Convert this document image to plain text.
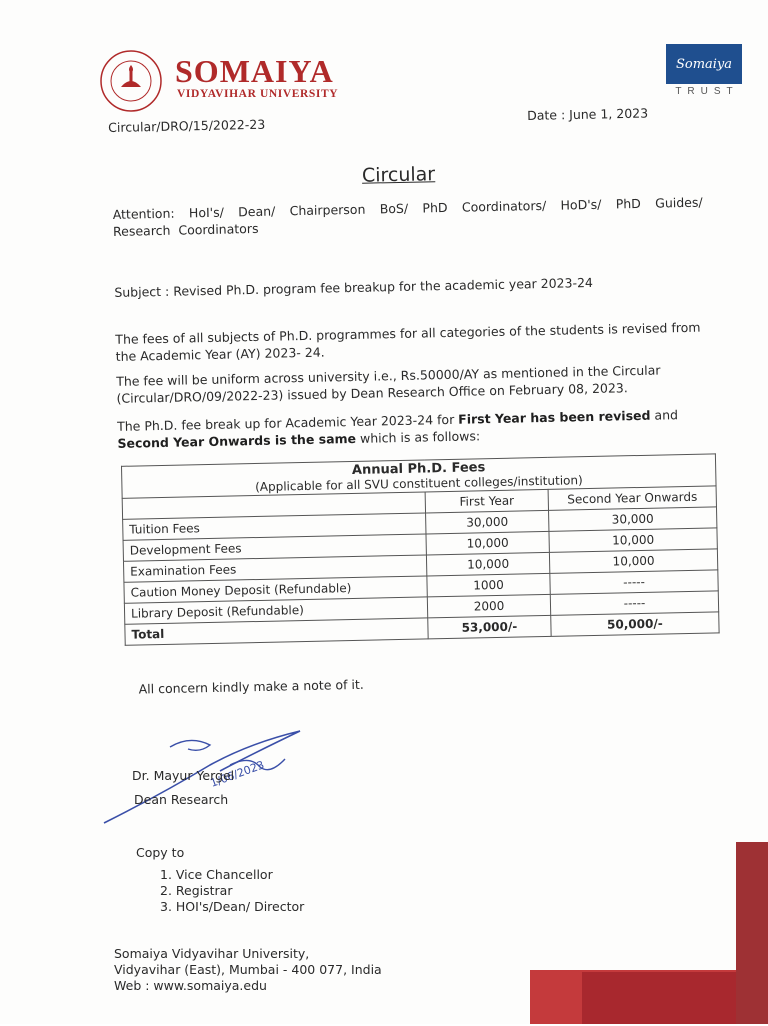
SOMAIYA
VIDYAVIHAR UNIVERSITY
Somaiya
TRUST
Circular/DRO/15/2022-23
Date : June 1, 2023
Circular
Attention: HoI's/ Dean/ Chairperson BoS/ PhD Coordinators/ HoD's/ PhD Guides/ Research Coordinators
Subject : Revised Ph.D. program fee breakup for the academic year 2023-24
The fees of all subjects of Ph.D. programmes for all categories of the students is revised from the Academic Year (AY) 2023- 24.
The fee will be uniform across university i.e., Rs.50000/AY as mentioned in the Circular (Circular/DRO/09/2022-23) issued by Dean Research Office on February 08, 2023.
The Ph.D. fee break up for Academic Year 2023-24 for First Year has been revised and Second Year Onwards is the same which is as follows:
Annual Ph.D. Fees
(Applicable for all SVU constituent colleges/institution)		

	First Year	Second Year Onwards
Tuition Fees	30,000	30,000
Development Fees	10,000	10,000
Examination Fees	10,000	10,000
Caution Money Deposit (Refundable)	1000	-----
Library Deposit (Refundable)	2000	-----
Total	53,000/-	50,000/-
All concern kindly make a note of it.
1/06/2023
Dr. Mayur Yergel
Dean Research
Copy to
1. Vice Chancellor
2. Registrar
3. HOI's/Dean/ Director
Somaiya Vidyavihar University,
Vidyavihar (East), Mumbai - 400 077, India
Web : www.somaiya.edu
